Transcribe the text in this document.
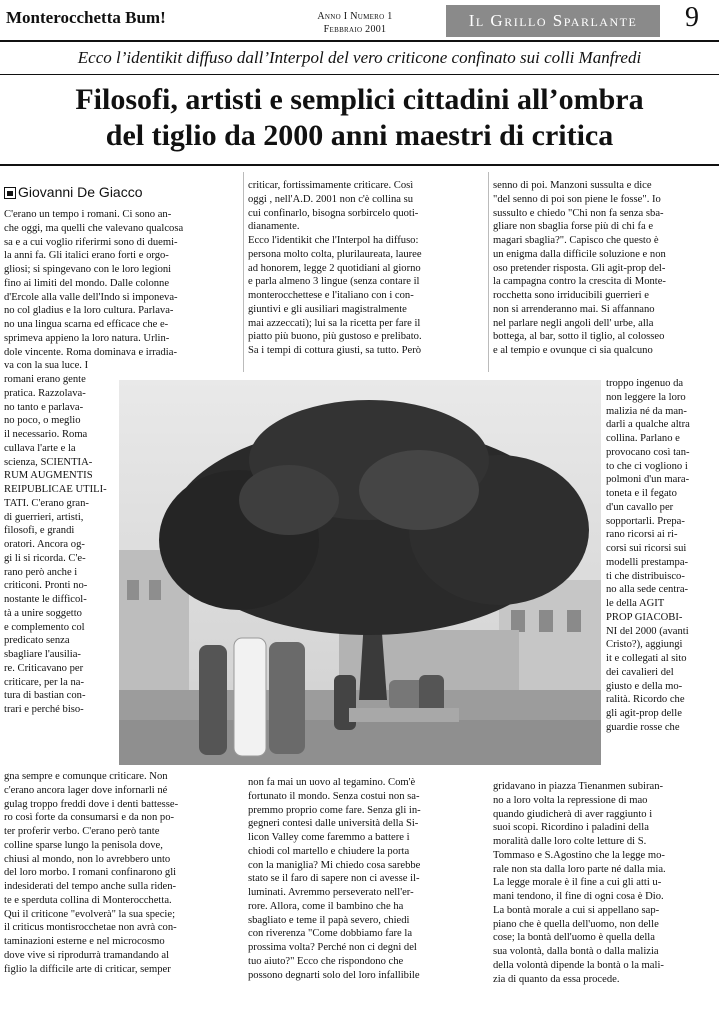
Monterocchetta Bum!	Anno I Numero 1
Febbraio 2001	Il Grillo Sparlante	9
Ecco l’identikit diffuso dall’Interpol del vero criticone confinato sui colli Manfredi
Filosofi, artisti e semplici cittadini all’ombra
del tiglio da 2000 anni maestri di critica
Giovanni De Giacco
C'erano un tempo i romani. Ci sono an-
che oggi, ma quelli che valevano qualcosa
sa e a cui voglio riferirmi sono di duemi-
la anni fa. Gli italici erano forti e orgo-
gliosi; si spingevano con le loro legioni
fino ai limiti del mondo. Dalle colonne
d'Ercole alla valle dell'Indo si imponeva-
no col gladius e la loro cultura. Parlava-
no una lingua scarna ed efficace che e-
sprimeva appieno la loro natura. Urlin-
dole vincente. Roma dominava e irradia-
va con la sua luce. I
romani erano gente
pratica. Razzolava-
no tanto e parlava-
no poco, o meglio
il necessario. Roma
cullava l'arte e la
scienza, SCIENTIA-
RUM AUGMENTIS
REIPUBLICAE UTILI-
TATI. C'erano gran-
di guerrieri, artisti,
filosofi, e grandi
oratori. Ancora og-
gi li si ricorda. C'e-
rano però anche i
criticoni. Pronti no-
nostante le difficol-
tà a unire soggetto
e complemento col
predicato senza
sbagliare l'ausilia-
re. Criticavano per
criticare, per la na-
tura di bastian con-
trari e perché biso-
gna sempre e comunque criticare. Non
c'erano ancora lager dove infornarli né
gulag troppo freddi dove i denti battesse-
ro così forte da consumarsi e da non po-
ter proferir verbo. C'erano però tante
colline sparse lungo la penisola dove,
chiusi al mondo, non lo avrebbero unto
del loro morbo. I romani confinarono gli
indesiderati del tempo anche sulla riden-
te e sperduta collina di Monterocchetta.
Qui il criticone "evolverà" la sua specie;
il criticus montisrocchetae non avrà con-
taminazioni esterne e nel microcosmo
dove vive si riprodurrà tramandando al
figlio la difficile arte di criticar, semper
criticar, fortissimamente criticare. Così
oggi , nell'A.D. 2001 non c'è collina su
cui confinarlo, bisogna sorbircelo quoti-
dianamente.
Ecco l'identikit che l'Interpol ha diffuso:
persona molto colta, plurilaureata, lauree
ad honorem, legge 2 quotidiani al giorno
e parla almeno 3 lingue (senza contare il
monterocchettese e l'italiano con i con-
giuntivi e gli ausiliari magistralmente
mai azzeccati); lui sa la ricetta per fare il
piatto più buono, più gustoso e prelibato.
Sa i tempi di cottura giusti, sa tutto. Però
non fa mai un uovo al tegamino. Com'è
fortunato il mondo. Senza costui non sa-
premmo proprio come fare. Senza gli in-
gegneri contesi dalle università della Si-
licon Valley come faremmo a battere i
chiodi col martello e chiudere la porta
con la maniglia? Mi chiedo cosa sarebbe
stato se il faro di sapere non ci avesse il-
luminati. Avremmo perseverato nell'er-
rore. Allora, come il bambino che ha
sbagliato e teme il papà severo, chiedi
con riverenza "Come dobbiamo fare la
prossima volta? Perché non ci degni del
tuo aiuto?" Ecco che rispondono che
possono degnarti solo del loro infallibile
senno di poi. Manzoni sussulta e dice
"del senno di poi son piene le fosse". Io
sussulto e chiedo "Chi non fa senza sba-
gliare non sbaglia forse più di chi fa e
magari sbaglia?". Capisco che questo è
un enigma dalla difficile soluzione e non
oso pretender risposta. Gli agit-prop del-
la campagna contro la crescita di Monte-
rocchetta sono irriducibili guerrieri e
non si arrenderanno mai. Si affannano
nel parlare negli angoli dell' urbe, alla
bottega, al bar, sotto il tiglio, al colosseo
e al tempio e ovunque ci sia qualcuno
troppo ingenuo da
non leggere la loro
malizia né da man-
darli a qualche altra
collina. Parlano e
provocano così tan-
to che ci vogliono i
polmoni d'un mara-
toneta e il fegato
d'un cavallo per
sopportarli. Prepa-
rano ricorsi ai ri-
corsi sui ricorsi sui
modelli prestampa-
ti che distribuisco-
no alla sede centra-
le della AGIT
PROP GIACOBI-
NI del 2000 (avanti
Cristo?), aggiungi
it e collegati al sito
dei cavalieri del
giusto e della mo-
ralità. Ricordo che
gli agit-prop delle
guardie rosse che
gridavano in piazza Tienanmen subiran-
no a loro volta la repressione di mao
quando giudicherà di aver raggiunto i
suoi scopi. Ricordino i paladini della
moralità dalle loro colte letture di S.
Tommaso e S.Agostino che la legge mo-
rale non sta dalla loro parte né dalla mia.
La legge morale è il fine a cui gli atti u-
mani tendono, il fine di ogni cosa è Dio.
La bontà morale a cui si appellano sap-
piano che è quella dell'uomo, non delle
cose; la bontà dell'uomo è quella della
sua volontà, dalla bontà o dalla malizia
della volontà dipende la bontà o la mali-
zia di quanto da essa procede.
